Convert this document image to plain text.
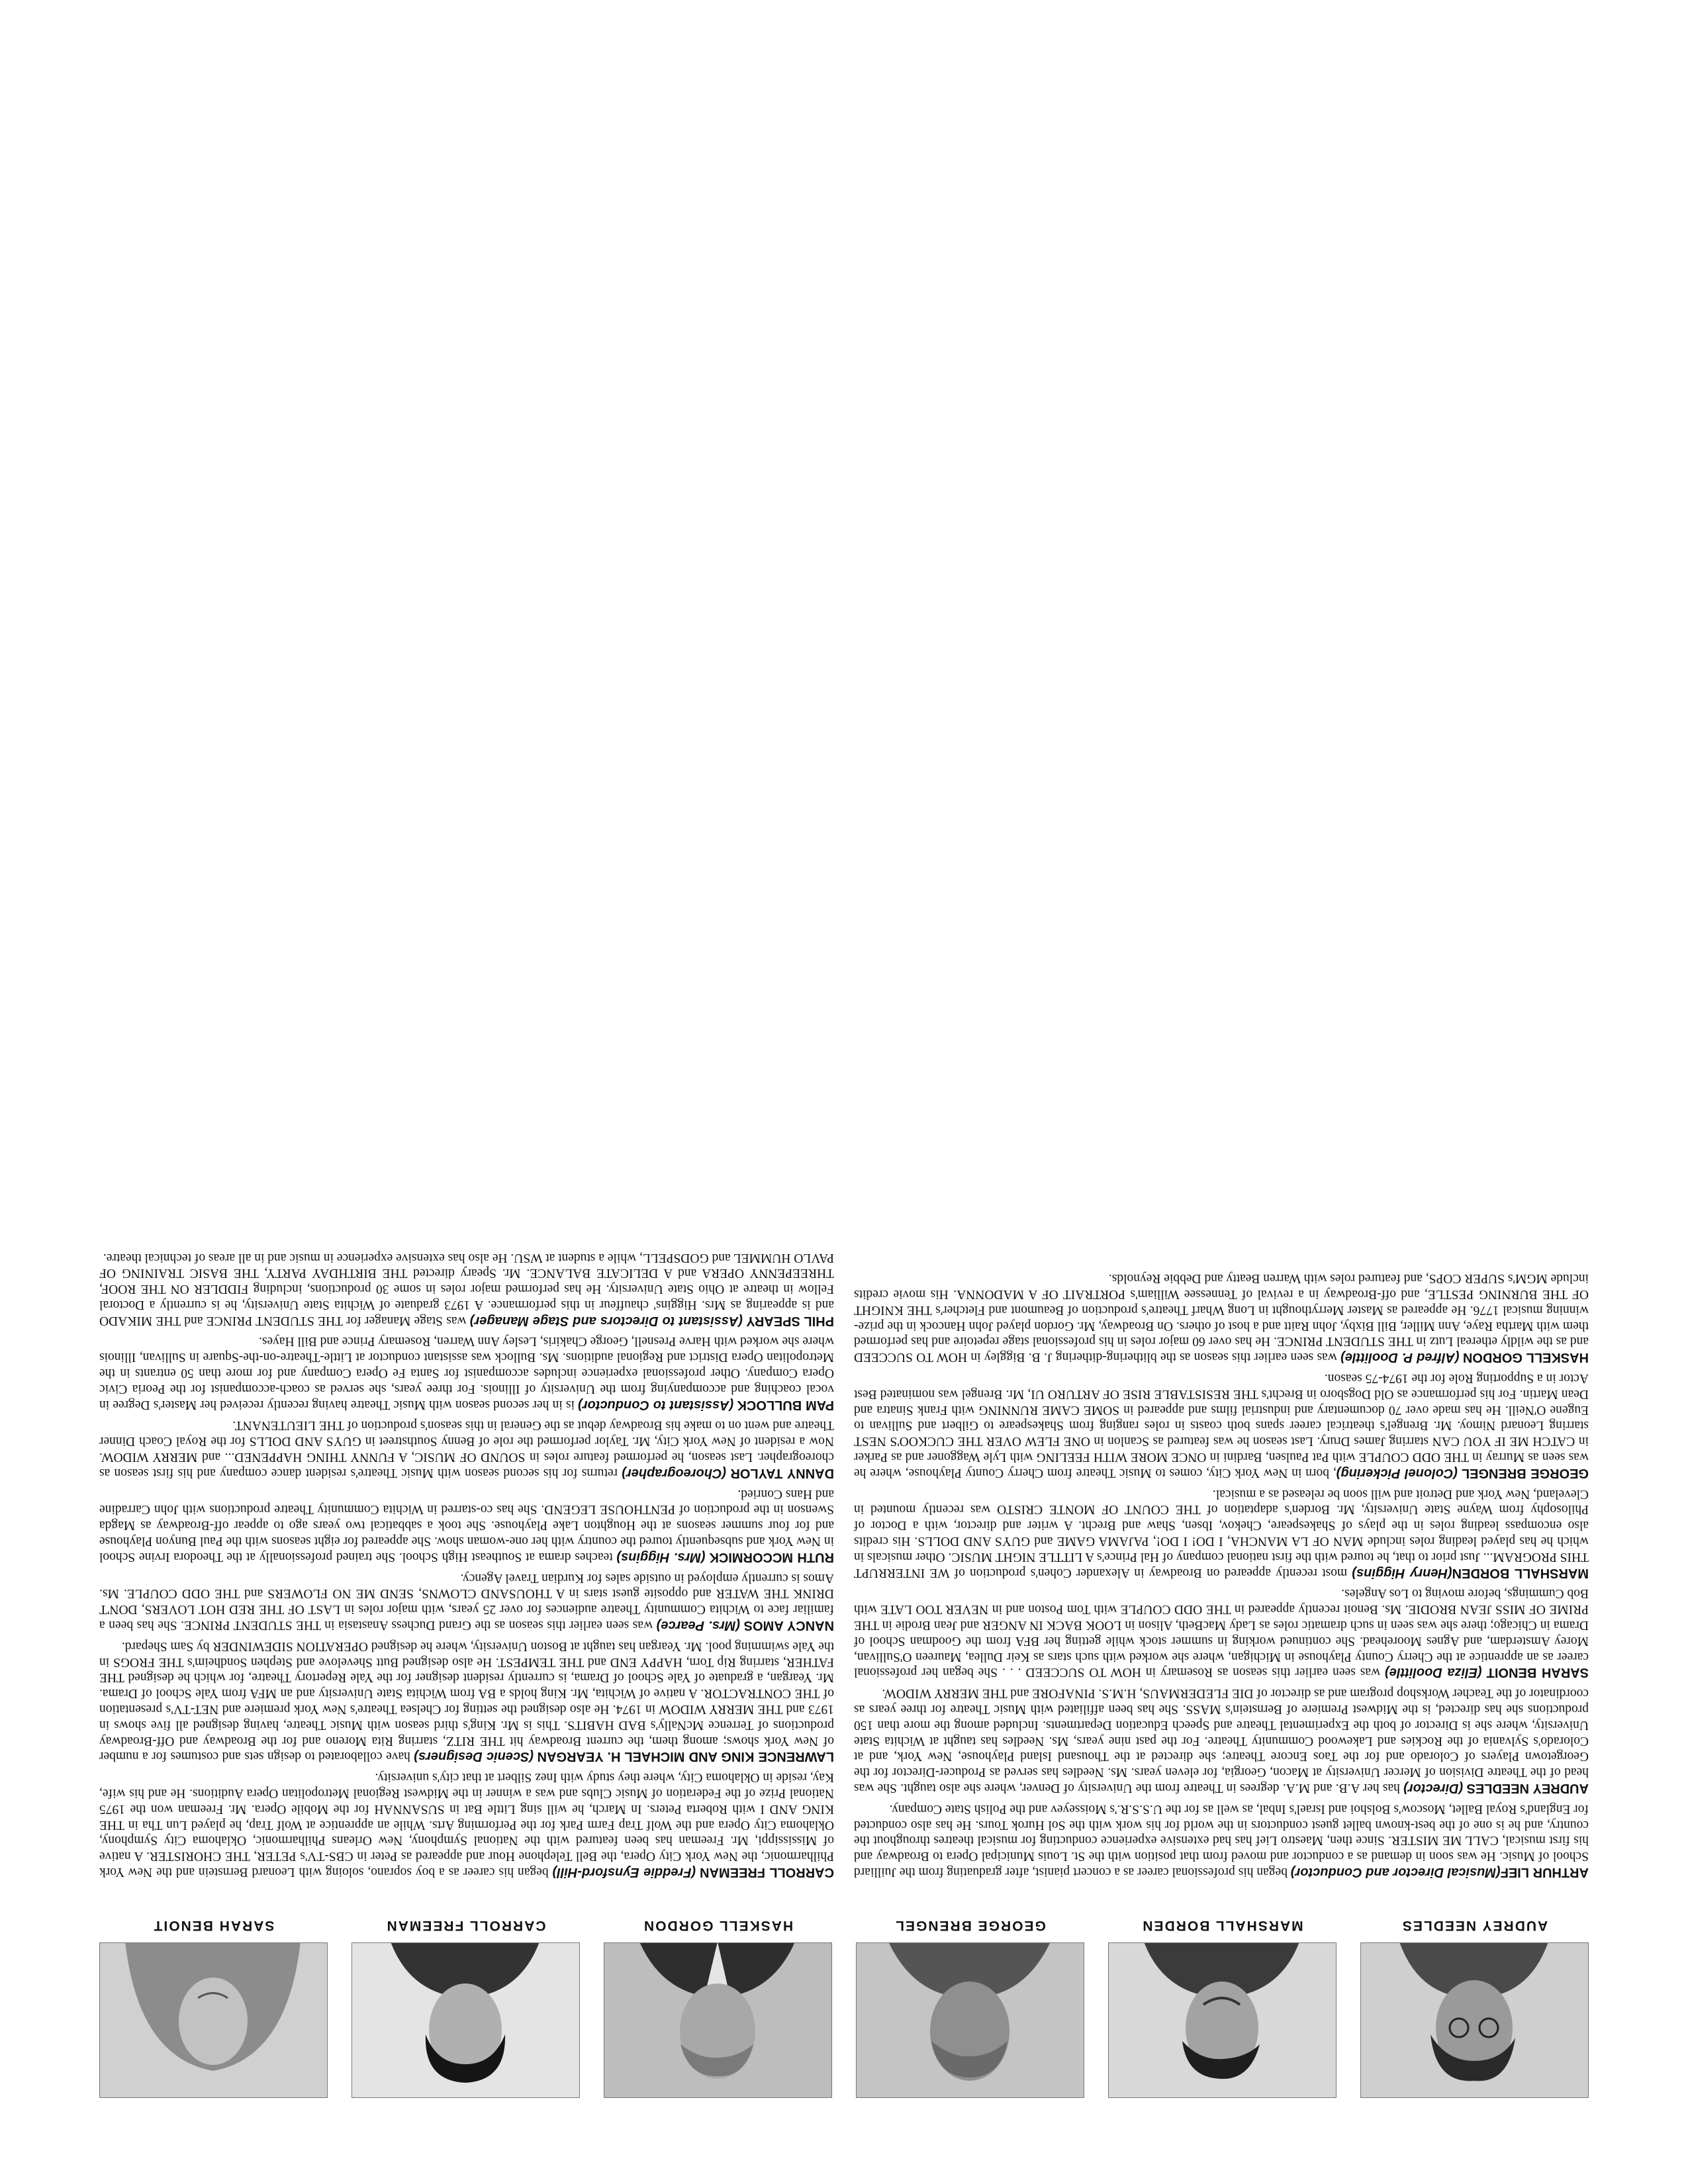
AUDREY NEEDLES
MARSHALL BORDEN
GEORGE BRENGEL
HASKELL GORDON
CARROLL FREEMAN
SARAH BENOIT

ARTHUR LIEF(Musical Director and Conductor) began his professional career as a concert pianist, after graduating from the Juilliard School of Music. He was soon in demand as a conductor and moved from that position with the St. Louis Municipal Opera to Broadway and his first musical, CALL ME MISTER. Since then, Maestro Lief has had extensive experience conducting for musical theatres throughout the country, and he is one of the best-known ballet guest conductors in the world for his work with the Sol Hurok Tours. He has also conducted for England's Royal Ballet, Moscow's Bolshoi and Israel's Inbal, as well as for the U.S.S.R.'s Moisseyev and the Polish State Company.

AUDREY NEEDLES (Director) has her A.B. and M.A. degrees in Theatre from the University of Denver, where she also taught. She was head of the Theatre Division of Mercer University at Macon, Georgia, for eleven years. Ms. Needles has served as Producer-Director for the Georgetown Players of Colorado and for the Taos Encore Theatre; she directed at the Thousand Island Playhouse, New York, and at Colorado's Sylvania of the Rockies and Lakewood Community Theatre. For the past nine years, Ms. Needles has taught at Wichita State University, where she is Director of both the Experimental Theatre and Speech Education Departments. Included among the more than 150 productions she has directed, is the Midwest Premiere of Bernstein's MASS. She has been affiliated with Music Theatre for three years as coordinator of the Teacher Workshop program and as director of DIE FLEDERMAUS, H.M.S. PINAFORE and THE MERRY WIDOW.

SARAH BENOIT (Eliza Doolittle) was seen earlier this season as Rosemary in HOW TO SUCCEED . . . She began her professional career as an apprentice at the Cherry County Playhouse in Michigan, where she worked with such stars as Keir Dullea, Maureen O'Sullivan, Morey Amsterdam, and Agnes Moorehead. She continued working in summer stock while getting her BFA from the Goodman School of Drama in Chicago; there she was seen in such dramatic roles as Lady MacBeth, Alison in LOOK BACK IN ANGER and Jean Brodie in THE PRIME OF MISS JEAN BRODIE. Ms. Benoit recently appeared in THE ODD COUPLE with Tom Poston and in NEVER TOO LATE with Bob Cummings, before moving to Los Angeles.

MARSHALL BORDEN(Henry Higgins) most recently appeared on Broadway in Alexander Cohen's production of WE INTERRUPT THIS PROGRAM... Just prior to that, he toured with the first national company of Hal Prince's A LITTLE NIGHT MUSIC. Other musicals in which he has played leading roles include MAN OF LA MANCHA, I DO! I DO!, PAJAMA GAME and GUYS AND DOLLS. His credits also encompass leading roles in the plays of Shakespeare, Chekov, Ibsen, Shaw and Brecht. A writer and director, with a Doctor of Philosophy from Wayne State University, Mr. Borden's adaptation of THE COUNT OF MONTE CRISTO was recently mounted in Cleveland, New York and Detroit and will soon be released as a musical.

GEORGE BRENGEL (Colonel Pickering), born in New York City, comes to Music Theatre from Cherry County Playhouse, where he was seen as Murray in THE ODD COUPLE with Pat Paulsen, Bardini in ONCE MORE WITH FEELING with Lyle Waggoner and as Parker in CATCH ME IF YOU CAN starring James Drury. Last season he was featured as Scanlon in ONE FLEW OVER THE CUCKOO'S NEST starring Leonard Nimoy. Mr. Brengel's theatrical career spans both coasts in roles ranging from Shakespeare to Gilbert and Sullivan to Eugene O'Neill. He has made over 70 documentary and industrial films and appeared in SOME CAME RUNNING with Frank Sinatra and Dean Martin. For his performance as Old Dogsboro in Brecht's THE RESISTABLE RISE OF ARTURO UI, Mr. Brengel was nominated Best Actor in a Supporting Role for the 1974-75 season.

HASKELL GORDON (Alfred P. Doolittle) was seen earlier this season as the blithering-dithering J. B. Biggley in HOW TO SUCCEED and as the wildly ethereal Lutz in THE STUDENT PRINCE. He has over 60 major roles in his professional stage repetoire and has performed them with Martha Raye, Ann Miller, Bill Bixby, John Raitt and a host of others. On Broadway, Mr. Gordon played John Hancock in the prize-winning musical 1776. He appeared as Master Merrythought in Long Wharf Theatre's production of Beaumont and Fletcher's THE KNIGHT OF THE BURNING PESTLE, and off-Broadway in a revival of Tennessee William's PORTRAIT OF A MADONNA. His movie credits include MGM's SUPER COPS, and featured roles with Warren Beatty and Debbie Reynolds.

CARROLL FREEMAN (Freddie Eynsford-Hill) began his career as a boy soprano, soloing with Leonard Bernstein and the New York Philharmonic, the New York City Opera, the Bell Telephone Hour and appeared as Peter in CBS-TV's PETER, THE CHORISTER. A native of Mississippi, Mr. Freeman has been featured with the National Symphony, New Orleans Philharmonic, Oklahoma City Symphony, Oklahoma City Opera and the Wolf Trap Farm Park for the Performing Arts. While an apprentice at Wolf Trap, he played Lun Tha in THE KING AND I with Roberta Peters. In March, he will sing Little Bat in SUSANNAH for the Mobile Opera. Mr. Freeman won the 1975 National Prize of the Federation of Music Clubs and was a winner in the Midwest Regional Metropolitan Opera Auditions. He and his wife, Kay, reside in Oklahoma City, where they study with Inez Silbert at that city's university.

LAWRENCE KING AND MICHAEL H. YEARGAN (Scenic Designers) have collaborated to design sets and costumes for a number of New York shows; among them, the current Broadway hit THE RITZ, starring Rita Moreno and for the Broadway and Off-Broadway productions of Terrence McNally's BAD HABITS. This is Mr. King's third season with Music Theatre, having designed all five shows in 1973 and THE MERRY WIDOW in 1974. He also designed the setting for Chelsea Theatre's New York premiere and NET-TV's presentation of THE CONTRACTOR. A native of Wichita, Mr. King holds a BA from Wichita State University and an MFA from Yale School of Drama. Mr. Yeargan, a graduate of Yale School of Drama, is currently resident designer for the Yale Repertory Theatre, for which he designed THE FATHER, starring Rip Torn, HAPPY END and THE TEMPEST. He also designed Butt Shevelove and Stephen Sondheim's THE FROGS in the Yale swimming pool. Mr. Yeargan has taught at Boston University, where he designed OPERATION SIDEWINDER by Sam Shepard.

NANCY AMOS (Mrs. Pearce) was seen earlier this season as the Grand Duchess Anastasia in THE STUDENT PRINCE. She has been a familiar face to Wichita Community Theatre audiences for over 25 years, with major roles in LAST OF THE RED HOT LOVERS, DON'T DRINK THE WATER and opposite guest stars in A THOUSAND CLOWNS, SEND ME NO FLOWERS and THE ODD COUPLE. Ms. Amos is currently employed in outside sales for Kurdian Travel Agency.

RUTH MCCORMICK (Mrs. Higgins) teaches drama at Southeast High School. She trained professionally at the Theodora Irvine School in New York and subsequently toured the country with her one-woman show. She appeared for eight seasons with the Paul Bunyon Playhouse and for four summer seasons at the Houghton Lake Playhouse. She took a sabbatical two years ago to appear off-Broadway as Magda Swenson in the production of PENTHOUSE LEGEND. She has co-starred in Wichita Community Theatre productions with John Carradine and Hans Conried.

DANNY TAYLOR (Choreographer) returns for his second season with Music Theatre's resident dance company and his first season as choreographer. Last season, he performed feature roles in SOUND OF MUSIC, A FUNNY THING HAPPENED... and MERRY WIDOW. Now a resident of New York City, Mr. Taylor performed the role of Benny Southstreet in GUYS AND DOLLS for the Royal Coach Dinner Theatre and went on to make his Broadway debut as the General in this season's production of THE LIEUTENANT.

PAM BULLOCK (Assistant to Conductor) is in her second season with Music Theatre having recently received her Master's Degree in vocal coaching and accompanying from the University of Illinois. For three years, she served as coach-accompanist for the Peoria Civic Opera Company. Other professional experience includes accompanist for Santa Fe Opera Company and for more than 50 entrants in the Metropolitan Opera District and Regional auditions. Ms. Bullock was assistant conductor at Little-Theatre-on-the-Square in Sullivan, Illinois where she worked with Harve Presnell, George Chakiris, Lesley Ann Warren, Rosemary Prince and Bill Hayes.

PHIL SPEARY (Assistant to Directors and Stage Manager) was Stage Manager for THE STUDENT PRINCE and THE MIKADO and is appearing as Mrs. Higgins' chauffeur in this performance. A 1973 graduate of Wichita State University, he is currently a Doctoral Fellow in theatre at Ohio State University. He has performed major roles in some 30 productions, including FIDDLER ON THE ROOF, THREEPENNY OPERA and A DELICATE BALANCE. Mr. Speary directed THE BIRTHDAY PARTY, THE BASIC TRAINING OF PAVLO HUMMEL and GODSPELL, while a student at WSU. He also has extensive experience in music and in all areas of technical theatre.
